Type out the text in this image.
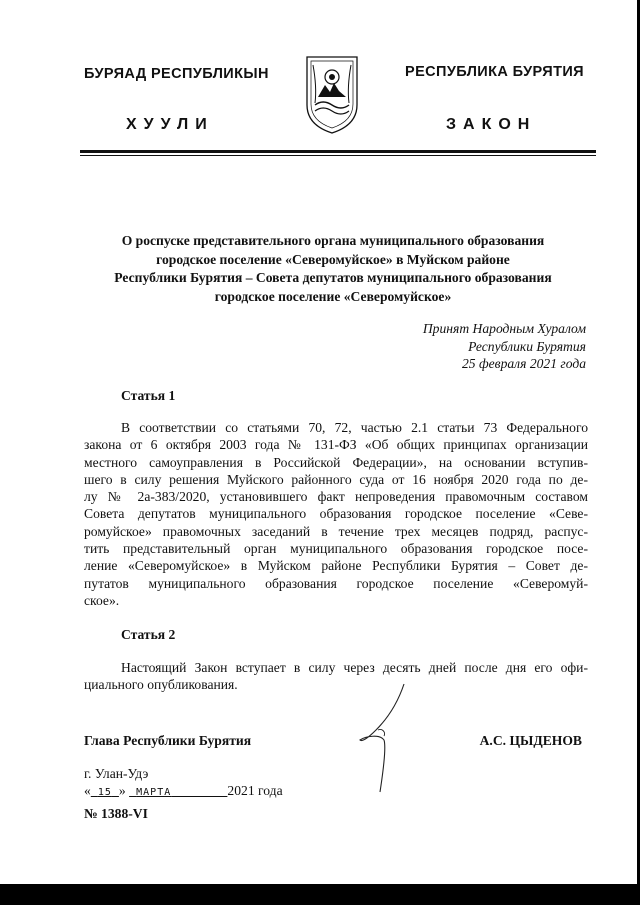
БУРЯАД РЕСПУБЛИКЫН	РЕСПУБЛИКА БУРЯТИЯ
ХУУЛИ	ЗАКОН
О роспуске представительного органа муниципального образования
городское поселение «Северомуйское» в Муйском районе
Республики Бурятия – Совета депутатов муниципального образования
городское поселение «Северомуйское»
Принят Народным Хуралом
Республики Бурятия
25 февраля 2021 года
Статья 1
В соответствии со статьями 70, 72, частью 2.1 статьи 73 Федерального
закона от 6 октября 2003 года № 131-ФЗ «Об общих принципах организации
местного самоуправления в Российской Федерации», на основании вступив-
шего в силу решения Муйского районного суда от 16 ноября 2020 года по де-
лу № 2а-383/2020, установившего факт непроведения правомочным составом
Совета депутатов муниципального образования городское поселение «Севе-
ромуйское» правомочных заседаний в течение трех месяцев подряд, распус-
тить представительный орган муниципального образования городское посе-
ление «Северомуйское» в Муйском районе Республики Бурятия – Совет де-
путатов муниципального образования городское поселение «Северомуй-
ское».
Статья 2
Настоящий Закон вступает в силу через десять дней после дня его офи-
циального опубликования.
Глава Республики Бурятия	А.С. ЦЫДЕНОВ
г. Улан-Удэ
« 15 » МАРТА	2021 года
№ 1388-VI
